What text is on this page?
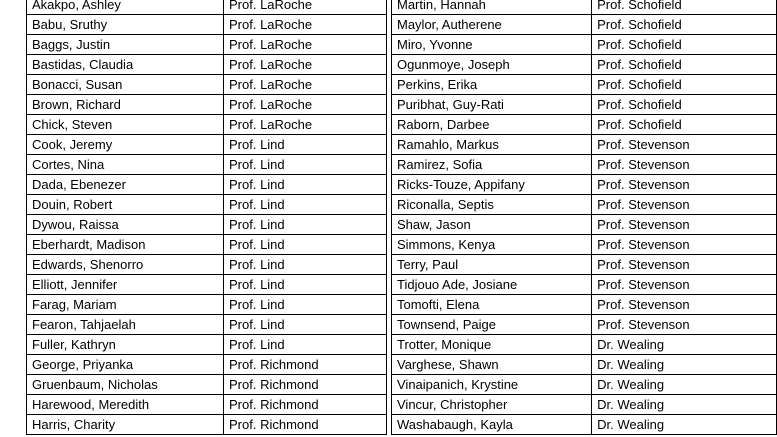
Akakpo, Ashley	Prof. LaRoche
Babu, Sruthy	Prof. LaRoche
Baggs, Justin	Prof. LaRoche
Bastidas, Claudia	Prof. LaRoche
Bonacci, Susan	Prof. LaRoche
Brown, Richard	Prof. LaRoche
Chick, Steven	Prof. LaRoche
Cook, Jeremy	Prof. Lind
Cortes, Nina	Prof. Lind
Dada, Ebenezer	Prof. Lind
Douin, Robert	Prof. Lind
Dywou, Raissa	Prof. Lind
Eberhardt, Madison	Prof. Lind
Edwards, Shenorro	Prof. Lind
Elliott, Jennifer	Prof. Lind
Farag, Mariam	Prof. Lind
Fearon, Tahjaelah	Prof. Lind
Fuller, Kathryn	Prof. Lind
George, Priyanka	Prof. Richmond
Gruenbaum, Nicholas	Prof. Richmond
Harewood, Meredith	Prof. Richmond
Harris, Charity	Prof. Richmond
Martin, Hannah	Prof. Schofield
Maylor, Autherene	Prof. Schofield
Miro, Yvonne	Prof. Schofield
Ogunmoye, Joseph	Prof. Schofield
Perkins, Erika	Prof. Schofield
Puribhat, Guy-Rati	Prof. Schofield
Raborn, Darbee	Prof. Schofield
Ramahlo, Markus	Prof. Stevenson
Ramirez, Sofia	Prof. Stevenson
Ricks-Touze, Appifany	Prof. Stevenson
Riconalla, Septis	Prof. Stevenson
Shaw, Jason	Prof. Stevenson
Simmons, Kenya	Prof. Stevenson
Terry, Paul	Prof. Stevenson
Tidjouo Ade, Josiane	Prof. Stevenson
Tomofti, Elena	Prof. Stevenson
Townsend, Paige	Prof. Stevenson
Trotter, Monique	Dr. Wealing
Varghese, Shawn	Dr. Wealing
Vinaipanich, Krystine	Dr. Wealing
Vincur, Christopher	Dr. Wealing
Washabaugh, Kayla	Dr. Wealing
